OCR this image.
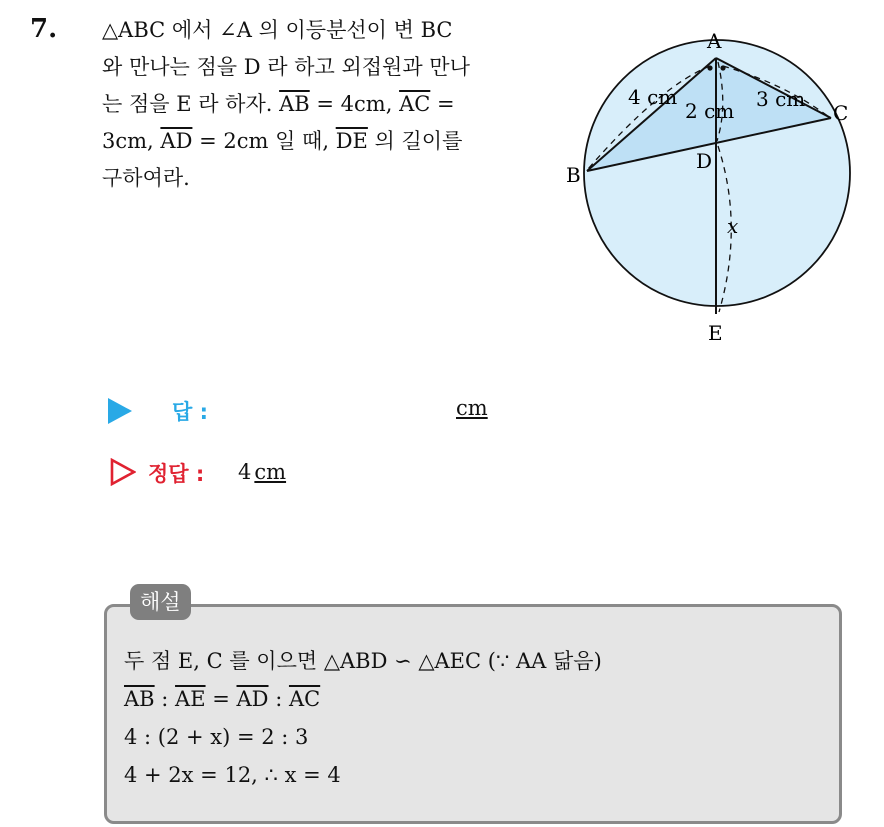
7. △ABC 에서 ∠A 의 이등분선이 변 BC
와 만나는 점을 D 라 하고 외접원과 만나
는 점을 E 라 하자. $\overline{AB} = 4cm$, $\overline{AC}$ =
3cm, $\overline{AD} = 2cm$ 일 때, $\overline{DE}$ 의 길이를
구하여라.
A
B
C
D
E
4 cm
2 cm 3 cm
x
답 :	cm
정답 : 4 cm
해설
두 점 E, C 를 이으면 △ABD ∽ △AEC (∵ AA 닮음)
$\overline{AB}$ : $\overline{AE} = \overline{AD}$ : $\overline{AC}$
4 : (2 + x) = 2 : 3
4 + 2x = 12, ∴ x = 4
